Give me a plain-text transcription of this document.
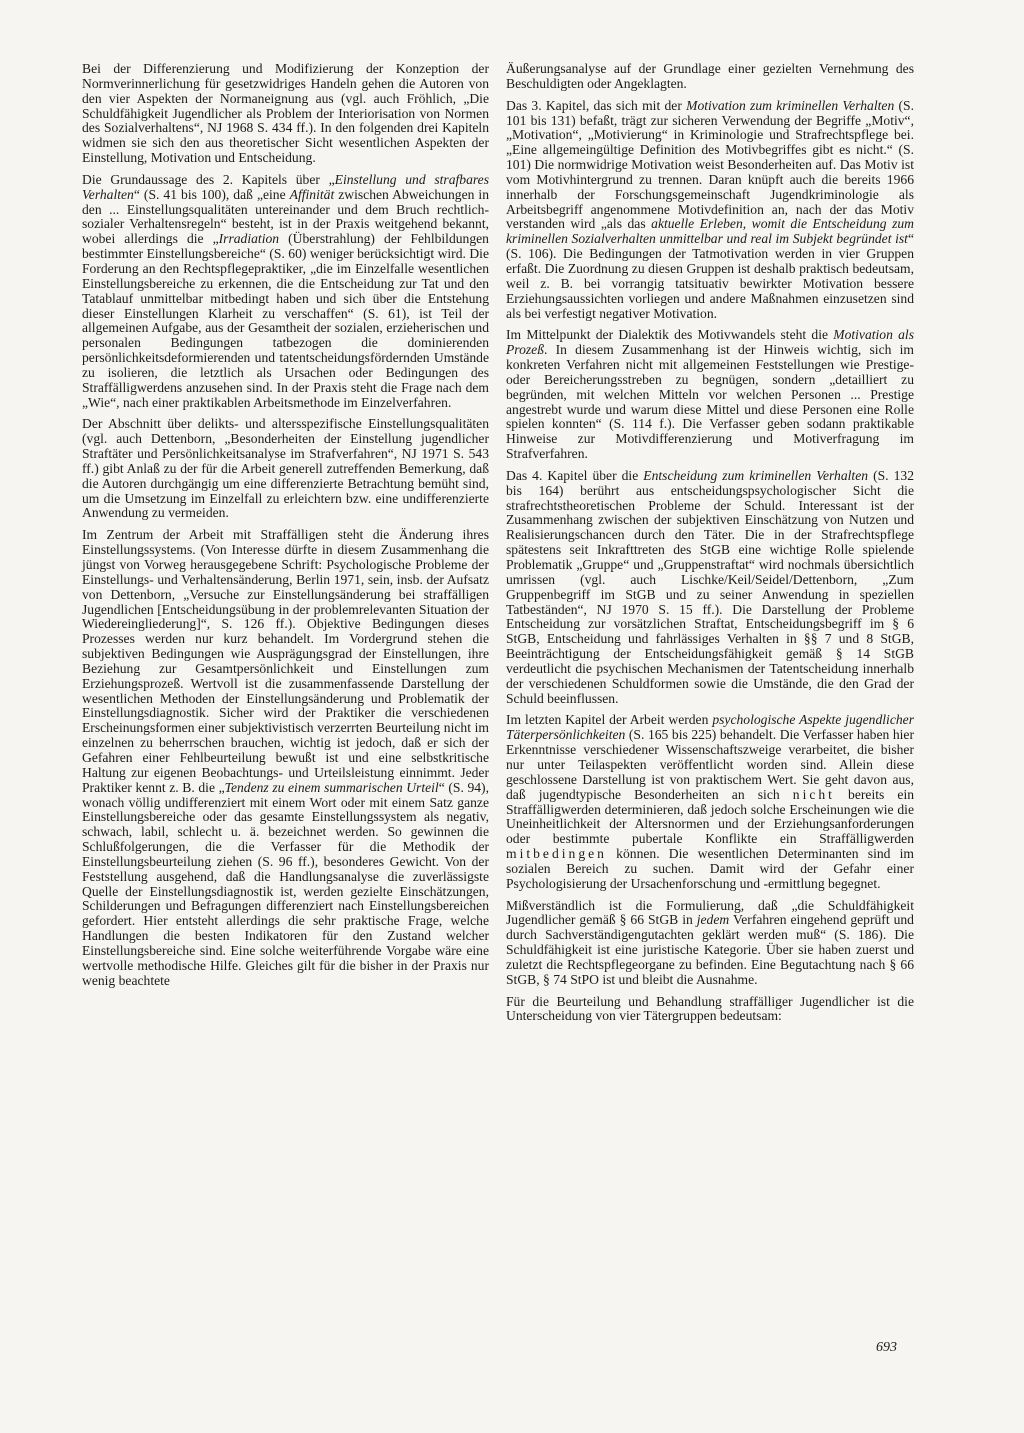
Bei der Differenzierung und Modifizierung der Konzeption der Normverinnerlichung für gesetzwidriges Handeln gehen die Autoren von den vier Aspekten der Normaneignung aus (vgl. auch Fröhlich, „Die Schuldfähigkeit Jugendlicher als Problem der Interiorisation von Normen des Sozialverhaltens“, NJ 1968 S. 434 ff.). In den folgenden drei Kapiteln widmen sie sich den aus theoretischer Sicht wesentlichen Aspekten der Einstellung, Motivation und Entscheidung.

Die Grundaussage des 2. Kapitels über „Einstellung und strafbares Verhalten“ (S. 41 bis 100), daß „eine Affinität zwischen Abweichungen in den ... Einstellungsqualitäten untereinander und dem Bruch rechtlich-sozialer Verhaltensregeln“ besteht, ist in der Praxis weitgehend bekannt, wobei allerdings die „Irradiation (Überstrahlung) der Fehlbildungen bestimmter Einstellungsbereiche“ (S. 60) weniger berücksichtigt wird. Die Forderung an den Rechtspflegepraktiker, „die im Einzelfalle wesentlichen Einstellungsbereiche zu erkennen, die die Entscheidung zur Tat und den Tatablauf unmittelbar mitbedingt haben und sich über die Entstehung dieser Einstellungen Klarheit zu verschaffen“ (S. 61), ist Teil der allgemeinen Aufgabe, aus der Gesamtheit der sozialen, erzieherischen und personalen Bedingungen tatbezogen die dominierenden persönlichkeitsdeformierenden und tatentscheidungsfördernden Umstände zu isolieren, die letztlich als Ursachen oder Bedingungen des Straffälligwerdens anzusehen sind. In der Praxis steht die Frage nach dem „Wie“, nach einer praktikablen Arbeitsmethode im Einzelverfahren.

Der Abschnitt über delikts- und altersspezifische Einstellungsqualitäten (vgl. auch Dettenborn, „Besonderheiten der Einstellung jugendlicher Straftäter und Persönlichkeitsanalyse im Strafverfahren“, NJ 1971 S. 543 ff.) gibt Anlaß zu der für die Arbeit generell zutreffenden Bemerkung, daß die Autoren durchgängig um eine differenzierte Betrachtung bemüht sind, um die Umsetzung im Einzelfall zu erleichtern bzw. eine undifferenzierte Anwendung zu vermeiden.

Im Zentrum der Arbeit mit Straffälligen steht die Änderung ihres Einstellungssystems. (Von Interesse dürfte in diesem Zusammenhang die jüngst von Vorweg herausgegebene Schrift: Psychologische Probleme der Einstellungs- und Verhaltensänderung, Berlin 1971, sein, insb. der Aufsatz von Dettenborn, „Versuche zur Einstellungsänderung bei straffälligen Jugendlichen [Entscheidungsübung in der problemrelevanten Situation der Wiedereingliederung]“, S. 126 ff.). Objektive Bedingungen dieses Prozesses werden nur kurz behandelt. Im Vordergrund stehen die subjektiven Bedingungen wie Ausprägungsgrad der Einstellungen, ihre Beziehung zur Gesamtpersönlichkeit und Einstellungen zum Erziehungsprozeß. Wertvoll ist die zusammenfassende Darstellung der wesentlichen Methoden der Einstellungsänderung und Problematik der Einstellungsdiagnostik. Sicher wird der Praktiker die verschiedenen Erscheinungsformen einer subjektivistisch verzerrten Beurteilung nicht im einzelnen zu beherrschen brauchen, wichtig ist jedoch, daß er sich der Gefahren einer Fehlbeurteilung bewußt ist und eine selbstkritische Haltung zur eigenen Beobachtungs- und Urteilsleistung einnimmt. Jeder Praktiker kennt z. B. die „Tendenz zu einem summarischen Urteil“ (S. 94), wonach völlig undifferenziert mit einem Wort oder mit einem Satz ganze Einstellungsbereiche oder das gesamte Einstellungssystem als negativ, schwach, labil, schlecht u. ä. bezeichnet werden. So gewinnen die Schlußfolgerungen, die die Verfasser für die Methodik der Einstellungsbeurteilung ziehen (S. 96 ff.), besonderes Gewicht. Von der Feststellung ausgehend, daß die Handlungsanalyse die zuverlässigste Quelle der Einstellungsdiagnostik ist, werden gezielte Einschätzungen, Schilderungen und Befragungen differenziert nach Einstellungsbereichen gefordert. Hier entsteht allerdings die sehr praktische Frage, welche Handlungen die besten Indikatoren für den Zustand welcher Einstellungsbereiche sind. Eine solche weiterführende Vorgabe wäre eine wertvolle methodische Hilfe. Gleiches gilt für die bisher in der Praxis nur wenig beachtete

Äußerungsanalyse auf der Grundlage einer gezielten Vernehmung des Beschuldigten oder Angeklagten.

Das 3. Kapitel, das sich mit der Motivation zum kriminellen Verhalten (S. 101 bis 131) befaßt, trägt zur sicheren Verwendung der Begriffe „Motiv“, „Motivation“, „Motivierung“ in Kriminologie und Strafrechtspflege bei. „Eine allgemeingültige Definition des Motivbegriffes gibt es nicht.“ (S. 101) Die normwidrige Motivation weist Besonderheiten auf. Das Motiv ist vom Motivhintergrund zu trennen. Daran knüpft auch die bereits 1966 innerhalb der Forschungsgemeinschaft Jugendkriminologie als Arbeitsbegriff angenommene Motivdefinition an, nach der das Motiv verstanden wird „als das aktuelle Erleben, womit die Entscheidung zum kriminellen Sozialverhalten unmittelbar und real im Subjekt begründet ist“ (S. 106). Die Bedingungen der Tatmotivation werden in vier Gruppen erfaßt. Die Zuordnung zu diesen Gruppen ist deshalb praktisch bedeutsam, weil z. B. bei vorrangig tatsituativ bewirkter Motivation bessere Erziehungsaussichten vorliegen und andere Maßnahmen einzusetzen sind als bei verfestigt negativer Motivation.

Im Mittelpunkt der Dialektik des Motivwandels steht die Motivation als Prozeß. In diesem Zusammenhang ist der Hinweis wichtig, sich im konkreten Verfahren nicht mit allgemeinen Feststellungen wie Prestige- oder Bereicherungsstreben zu begnügen, sondern „detailliert zu begründen, mit welchen Mitteln vor welchen Personen ... Prestige angestrebt wurde und warum diese Mittel und diese Personen eine Rolle spielen konnten“ (S. 114 f.). Die Verfasser geben sodann praktikable Hinweise zur Motivdifferenzierung und Motiverfragung im Strafverfahren.

Das 4. Kapitel über die Entscheidung zum kriminellen Verhalten (S. 132 bis 164) berührt aus entscheidungspsychologischer Sicht die strafrechtstheoretischen Probleme der Schuld. Interessant ist der Zusammenhang zwischen der subjektiven Einschätzung von Nutzen und Realisierungschancen durch den Täter. Die in der Strafrechtspflege spätestens seit Inkrafttreten des StGB eine wichtige Rolle spielende Problematik „Gruppe“ und „Gruppenstraftat“ wird nochmals übersichtlich umrissen (vgl. auch Lischke/Keil/Seidel/Dettenborn, „Zum Gruppenbegriff im StGB und zu seiner Anwendung in speziellen Tatbeständen“, NJ 1970 S. 15 ff.). Die Darstellung der Probleme Entscheidung zur vorsätzlichen Straftat, Entscheidungsbegriff im § 6 StGB, Entscheidung und fahrlässiges Verhalten in §§ 7 und 8 StGB, Beeinträchtigung der Entscheidungsfähigkeit gemäß § 14 StGB verdeutlicht die psychischen Mechanismen der Tatentscheidung innerhalb der verschiedenen Schuldformen sowie die Umstände, die den Grad der Schuld beeinflussen.

Im letzten Kapitel der Arbeit werden psychologische Aspekte jugendlicher Täterpersönlichkeiten (S. 165 bis 225) behandelt. Die Verfasser haben hier Erkenntnisse verschiedener Wissenschaftszweige verarbeitet, die bisher nur unter Teilaspekten veröffentlicht worden sind. Allein diese geschlossene Darstellung ist von praktischem Wert. Sie geht davon aus, daß jugendtypische Besonderheiten an sich nicht bereits ein Straffälligwerden determinieren, daß jedoch solche Erscheinungen wie die Uneinheitlichkeit der Altersnormen und der Erziehungsanforderungen oder bestimmte pubertale Konflikte ein Straffälligwerden mitbedingen können. Die wesentlichen Determinanten sind im sozialen Bereich zu suchen. Damit wird der Gefahr einer Psychologisierung der Ursachenforschung und -ermittlung begegnet.

Mißverständlich ist die Formulierung, daß „die Schuldfähigkeit Jugendlicher gemäß § 66 StGB in jedem Verfahren eingehend geprüft und durch Sachverständigengutachten geklärt werden muß“ (S. 186). Die Schuldfähigkeit ist eine juristische Kategorie. Über sie haben zuerst und zuletzt die Rechtspflegeorgane zu befinden. Eine Begutachtung nach § 66 StGB, § 74 StPO ist und bleibt die Ausnahme.

Für die Beurteilung und Behandlung straffälliger Jugendlicher ist die Unterscheidung von vier Tätergruppen bedeutsam:

693
